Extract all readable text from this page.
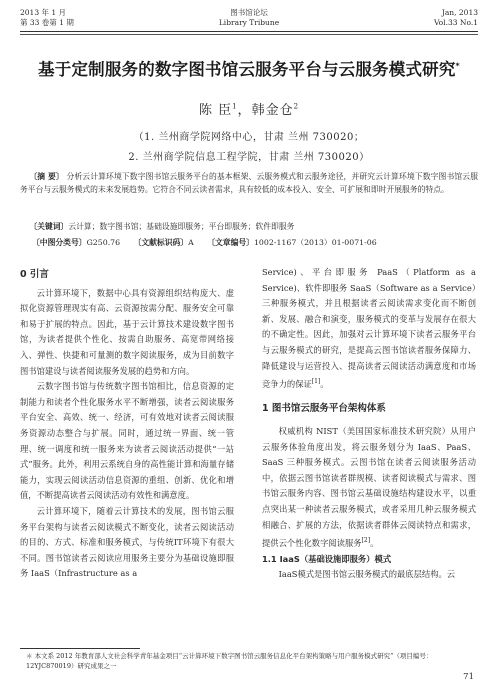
2013 年 1 月
第 33 卷第 1 期
图书馆论坛
Library Tribune
Jan, 2013
Vol.33 No.1
基于定制服务的数字图书馆云服务平台与云服务模式研究*
陈 臣$^1$，韩金仓$^2$
（1. 兰州商学院网络中心，甘肃 兰州 730020；
2. 兰州商学院信息工程学院，甘肃 兰州 730020）
〔摘 要〕 分析云计算环境下数字图书馆云服务平台的基本框架、云服务模式和云服务途径，并研究云计算环境下数字图书馆云服务平台与云服务模式的未来发展趋势。它符合不同云读者需求，具有较低的成本投入、安全、可扩展和即时开展服务的特点。
〔关键词〕云计算；数字图书馆；基础设施即服务；平台即服务；软件即服务
〔中图分类号〕G250.76 〔文献标识码〕A 〔文章编号〕1002-1167（2013）01-0071-06
0 引言

云计算环境下，数据中心具有资源组织结构庞大、虚拟化资源管理现实有高、云资源按需分配、服务安全可靠和易于扩展的特点。因此，基于云计算技术建设数字图书馆，为读者提供个性化、按需自助服务、高宽带网络接入、弹性、快捷和可量测的数字阅读服务，成为目前数字图书馆建设与读者阅读服务发展的趋势和方向。

云数字图书馆与传统数字图书馆相比，信息资源的定制能力和读者个性化服务水平不断增强，读者云阅读服务平台安全、高效、统一、经济，可有效地对读者云阅读服务资源动态整合与扩展。同时，通过统一界面、统一管理、统一调度和统一服务来为读者云阅读活动提供“一站式”服务。此外，利用云系统自身的高性能计算和海量存储能力，实现云阅读活动信息资源的重组、创新、优化和增值，不断提高读者云阅读活动有效性和满意度。

云计算环境下，随着云计算技术的发展，图书馆云服务平台架构与读者云阅读模式不断变化，读者云阅读活动的目的、方式、标准和服务模式，与传统IT环境下有很大不同。图书馆读者云阅读应用服务主要分为基础设施即服务 IaaS（Infrastructure as a

Service)、平台即服务 PaaS（Platform as a Service)、软件即服务 SaaS（Software as a Service）三种服务模式，并且根据读者云阅读需求变化而不断创新、发展、融合和演变，服务模式的变革与发展存在很大的不确定性。因此，加强对云计算环境下读者云服务平台与云服务模式的研究，是提高云图书馆读者服务保障力、降低建设与运营投入、提高读者云阅读活动满意度和市场竞争力的保证[1]。

1 图书馆云服务平台架构体系

权威机构 NIST（美国国家标准技术研究院）从用户云服务体验角度出发，将云服务划分为 IaaS、PaaS、SaaS 三种服务模式。云图书馆在读者云阅读服务活动中，依据云图书馆读者群规模、读者阅读模式与需求、图书馆云服务内容、图书馆云基础设施结构建设水平，以重点突出某一种读者云服务模式，或者采用几种云服务模式相融合、扩展的方法，依据读者群体云阅读特点和需求，提供云个性化数字阅读服务[2]。

1.1 IaaS（基础设施即服务）模式

IaaS模式是图书馆云服务模式的最底层结构。云

＊ 本文系 2012 年教育部人文社会科学青年基金项目“云计算环境下数字图书馆云服务信息化平台架构策略与用户服务模式研究”（项目编号：12YJC870019）研究成果之一
71
